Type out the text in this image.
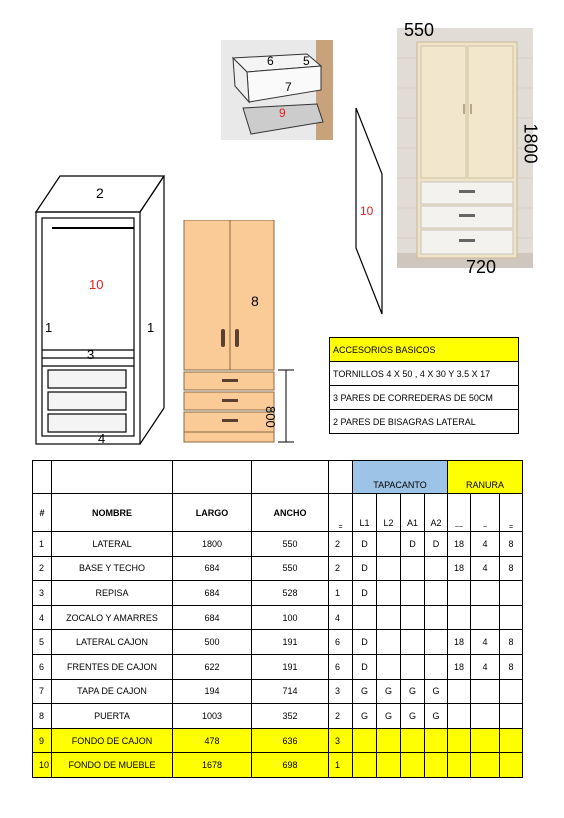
6 5
7
9
550
1800
720
2
10
1	1
3
4
8
800
10
ACCESORIOS BASICOS
TORNILLOS 4 X 50 , 4 X 30 Y 3.5 X 17
3 PARES DE CORREDERAS DE 50CM
2 PARES DE BISAGRAS LATERAL
					TAPACANTO				RANURA		
#	NOMBRE	LARGO	ANCHO	=	L1	L2	A1	A2	~~	~	=
1	LATERAL	1800	550	2	D		D	D	18	4	8
2	BASE Y TECHO	684	550	2	D				18	4	8
3	REPISA	684	528	1	D						
4	ZOCALO Y AMARRES	684	100	4							
5	LATERAL CAJON	500	191	6	D				18	4	8
6	FRENTES DE CAJON	622	191	6	D				18	4	8
7	TAPA DE CAJON	194	714	3	G	G	G	G			
8	PUERTA	1003	352	2	G	G	G	G			
9	FONDO DE CAJON	478	636	3							
10	FONDO DE MUEBLE	1678	698	1							
